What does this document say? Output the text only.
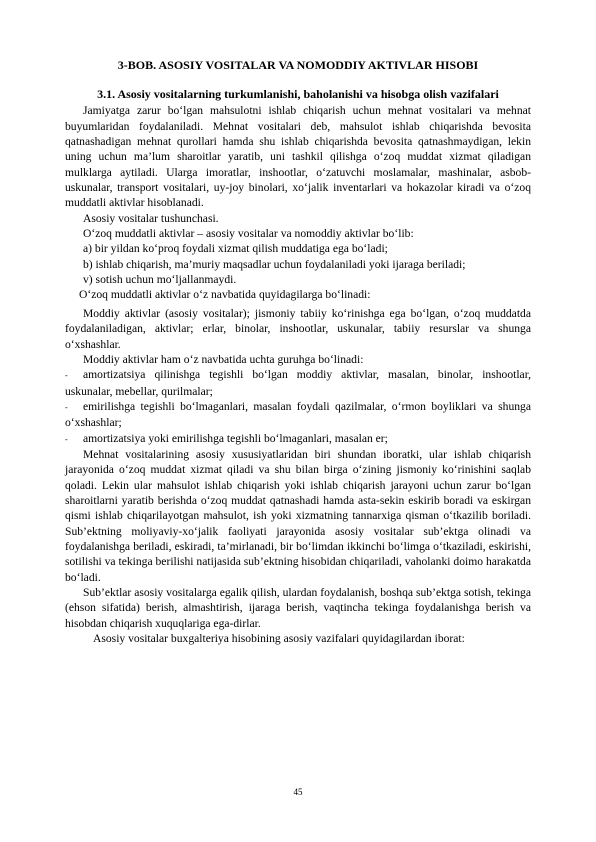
3-BOB. ASOSIY VOSITALAR VA NOMODDIY AKTIVLAR HISOBI
3.1. Asosiy vositalarning turkumlanishi, baholanishi va hisobga olish vazifalari

Jamiyatga zarur bo‘lgan mahsulotni ishlab chiqarish uchun mehnat vositalari va mehnat buyumlaridan foydalaniladi. Mehnat vositalari deb, mahsulot ishlab chiqarishda bevosita qatnashadigan mehnat qurollari hamda shu ishlab chiqarishda bevosita qatnashmaydigan, lekin uning uchun ma’lum sharoitlar yaratib, uni tashkil qilishga o‘zoq muddat xizmat qiladigan mulklarga aytiladi. Ularga imoratlar, inshootlar, o‘zatuvchi moslamalar, mashinalar, asbob-uskunalar, transport vositalari, uy-joy binolari, xo‘jalik inventarlari va hokazolar kiradi va o‘zoq muddatli aktivlar hisoblanadi.

Asosiy vositalar tushunchasi.

O‘zoq muddatli aktivlar – asosiy vositalar va nomoddiy aktivlar bo‘lib:

a) bir yildan ko‘proq foydali xizmat qilish muddatiga ega bo‘ladi;

b) ishlab chiqarish, ma’muriy maqsadlar uchun foydalaniladi yoki ijaraga beriladi;

v) sotish uchun mo‘ljallanmaydi.

O‘zoq muddatli aktivlar o‘z navbatida quyidagilarga bo‘linadi:

Moddiy aktivlar (asosiy vositalar); jismoniy tabiiy ko‘rinishga ega bo‘lgan, o‘zoq muddatda foydalaniladigan, aktivlar; erlar, binolar, inshootlar, uskunalar, tabiiy resurslar va shunga o‘xshashlar.

Moddiy aktivlar ham o‘z navbatida uchta guruhga bo‘linadi:

- amortizatsiya qilinishga tegishli bo‘lgan moddiy aktivlar, masalan, binolar, inshootlar, uskunalar, mebellar, qurilmalar;

- emirilishga tegishli bo‘lmaganlari, masalan foydali qazilmalar, o‘rmon boyliklari va shunga o‘xshashlar;

- amortizatsiya yoki emirilishga tegishli bo‘lmaganlari, masalan er;

Mehnat vositalarining asosiy xususiyatlaridan biri shundan iboratki, ular ishlab chiqarish jarayonida o‘zoq muddat xizmat qiladi va shu bilan birga o‘zining jismoniy ko‘rinishini saqlab qoladi. Lekin ular mahsulot ishlab chiqarish yoki ishlab chiqarish jarayoni uchun zarur bo‘lgan sharoitlarni yaratib berishda o‘zoq muddat qatnashadi hamda asta-sekin eskirib boradi va eskirgan qismi ishlab chiqarilayotgan mahsulot, ish yoki xizmatning tannarxiga qisman o‘tkazilib boriladi. Sub’ektning moliyaviy-xo‘jalik faoliyati jarayonida asosiy vositalar sub’ektga olinadi va foydalanishga beriladi, eskiradi, ta’mirlanadi, bir bo‘limdan ikkinchi bo‘limga o‘tkaziladi, eskirishi, sotilishi va tekinga berilishi natijasida sub’ektning hisobidan chiqariladi, vaholanki doimo harakatda bo‘ladi.

Sub’ektlar asosiy vositalarga egalik qilish, ulardan foydalanish, boshqa sub’ektga sotish, tekinga (ehson sifatida) berish, almashtirish, ijaraga berish, vaqtincha tekinga foydalanishga berish va hisobdan chiqarish xuquqlariga ega-dirlar.

Asosiy vositalar buxgalteriya hisobining asosiy vazifalari quyidagilardan iborat:

45
